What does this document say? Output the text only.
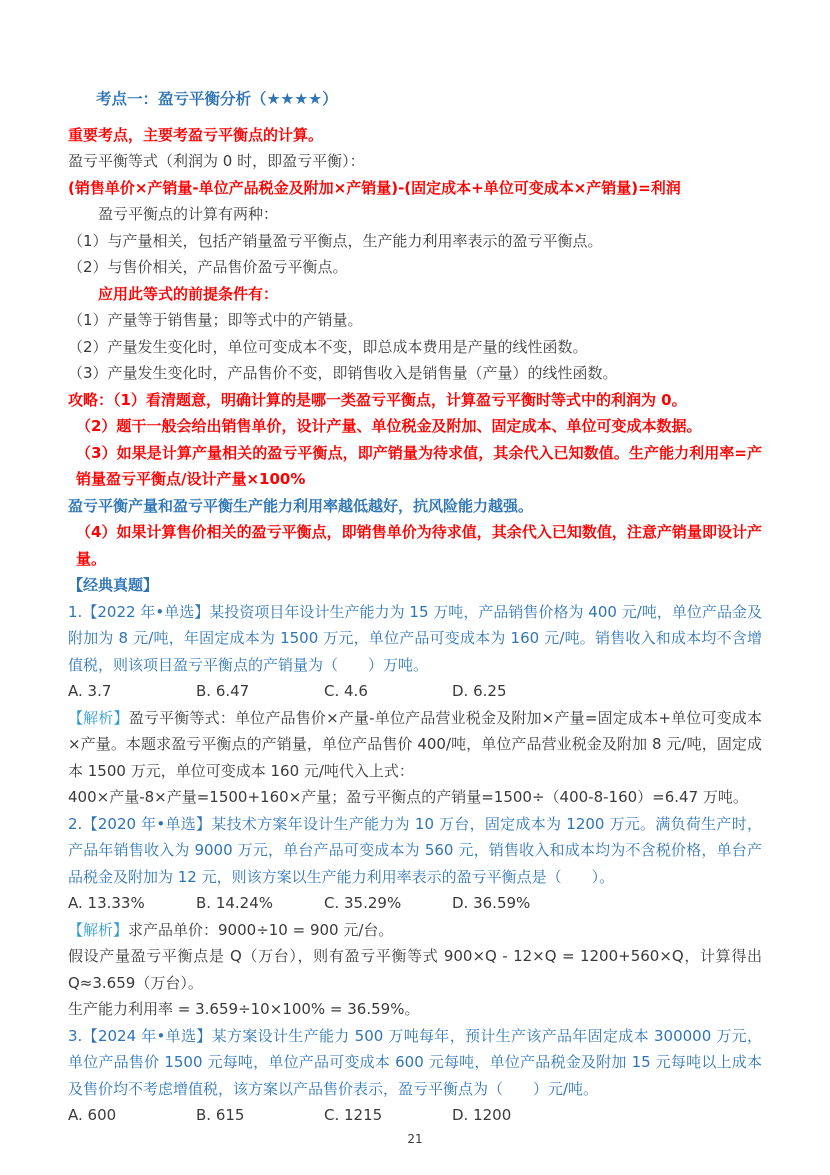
考点一：盈亏平衡分析（★★★★）

重要考点，主要考盈亏平衡点的计算。

盈亏平衡等式（利润为 0 时，即盈亏平衡）：

(销售单价×产销量-单位产品税金及附加×产销量)-(固定成本+单位可变成本×产销量)=利润

盈亏平衡点的计算有两种：

（1）与产量相关，包括产销量盈亏平衡点，生产能力利用率表示的盈亏平衡点。

（2）与售价相关，产品售价盈亏平衡点。

应用此等式的前提条件有：

（1）产量等于销售量；即等式中的产销量。

（2）产量发生变化时，单位可变成本不变，即总成本费用是产量的线性函数。

（3）产量发生变化时，产品售价不变，即销售收入是销售量（产量）的线性函数。

攻略：（1）看清题意，明确计算的是哪一类盈亏平衡点，计算盈亏平衡时等式中的利润为 0。

（2）题干一般会给出销售单价，设计产量、单位税金及附加、固定成本、单位可变成本数据。

（3）如果是计算产量相关的盈亏平衡点，即产销量为待求值，其余代入已知数值。生产能力利用率=产销量盈亏平衡点/设计产量×100%

盈亏平衡产量和盈亏平衡生产能力利用率越低越好，抗风险能力越强。

（4）如果计算售价相关的盈亏平衡点，即销售单价为待求值，其余代入已知数值，注意产销量即设计产量。

【经典真题】

1.【2022 年•单选】某投资项目年设计生产能力为 15 万吨，产品销售价格为 400 元/吨，单位产品金及附加为 8 元/吨，年固定成本为 1500 万元，单位产品可变成本为 160 元/吨。销售收入和成本均不含增值税，则该项目盈亏平衡点的产销量为（　　）万吨。

A. 3.7	B. 6.47	C. 4.6	D. 6.25

【解析】盈亏平衡等式：单位产品售价×产量-单位产品营业税金及附加×产量=固定成本+单位可变成本×产量。本题求盈亏平衡点的产销量，单位产品售价 400/吨，单位产品营业税金及附加 8 元/吨，固定成本 1500 万元，单位可变成本 160 元/吨代入上式：

400×产量-8×产量=1500+160×产量；盈亏平衡点的产销量=1500÷（400-8-160）=6.47 万吨。

2.【2020 年•单选】某技术方案年设计生产能力为 10 万台，固定成本为 1200 万元。满负荷生产时，产品年销售收入为 9000 万元，单台产品可变成本为 560 元，销售收入和成本均为不含税价格，单台产品税金及附加为 12 元，则该方案以生产能力利用率表示的盈亏平衡点是（　　）。

A. 13.33%	B. 14.24%	C. 35.29%	D. 36.59%

【解析】求产品单价：9000÷10 = 900 元/台。

假设产量盈亏平衡点是 Q（万台），则有盈亏平衡等式 900×Q - 12×Q = 1200+560×Q，计算得出 Q≈3.659（万台）。

生产能力利用率 = 3.659÷10×100% = 36.59%。

3.【2024 年•单选】某方案设计生产能力 500 万吨每年，预计生产该产品年固定成本 300000 万元，单位产品售价 1500 元每吨，单位产品可变成本 600 元每吨，单位产品税金及附加 15 元每吨以上成本及售价均不考虑增值税，该方案以产品售价表示，盈亏平衡点为（　　）元/吨。

A. 600	B. 615	C. 1215	D. 1200
21
